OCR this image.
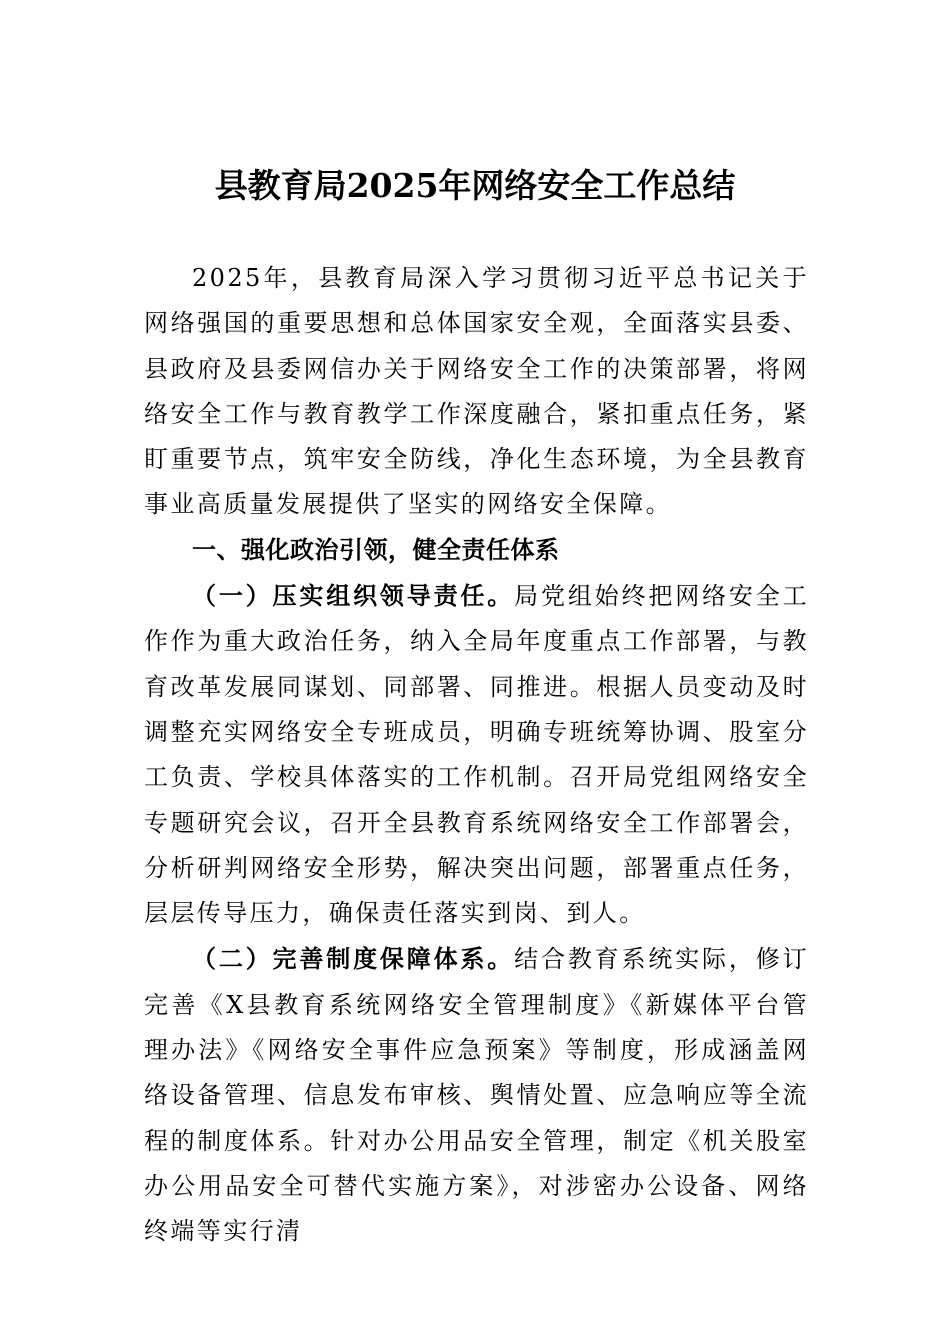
县教育局2025年网络安全工作总结

2025年，县教育局深入学习贯彻习近平总书记关于网络强国的重要思想和总体国家安全观，全面落实县委、县政府及县委网信办关于网络安全工作的决策部署，将网络安全工作与教育教学工作深度融合，紧扣重点任务，紧盯重要节点，筑牢安全防线，净化生态环境，为全县教育事业高质量发展提供了坚实的网络安全保障。

一、强化政治引领，健全责任体系

（一）压实组织领导责任。局党组始终把网络安全工作作为重大政治任务，纳入全局年度重点工作部署，与教育改革发展同谋划、同部署、同推进。根据人员变动及时调整充实网络安全专班成员，明确专班统筹协调、股室分工负责、学校具体落实的工作机制。召开局党组网络安全专题研究会议，召开全县教育系统网络安全工作部署会，分析研判网络安全形势，解决突出问题，部署重点任务，层层传导压力，确保责任落实到岗、到人。

（二）完善制度保障体系。结合教育系统实际，修订完善《X县教育系统网络安全管理制度》《新媒体平台管理办法》《网络安全事件应急预案》等制度，形成涵盖网络设备管理、信息发布审核、舆情处置、应急响应等全流程的制度体系。针对办公用品安全管理，制定《机关股室办公用品安全可替代实施方案》，对涉密办公设备、网络终端等实行清
